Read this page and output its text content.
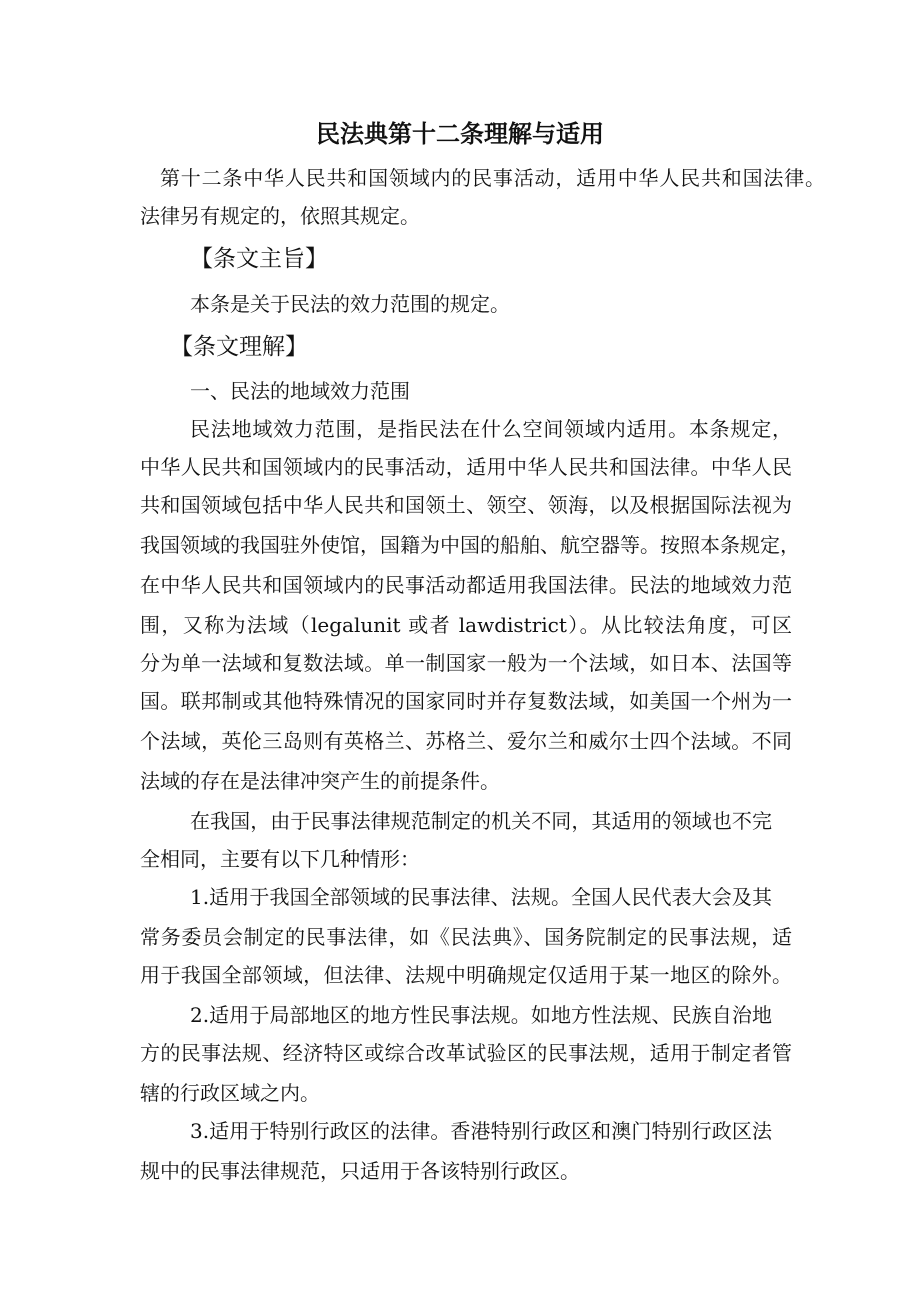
民法典第十二条理解与适用
第十二条中华人民共和国领域内的民事活动，适用中华人民共和国法律。
法律另有规定的，依照其规定。
【条文主旨】
本条是关于民法的效力范围的规定。
【条文理解】
一、民法的地域效力范围
民法地域效力范围，是指民法在什么空间领域内适用。本条规定，
中华人民共和国领域内的民事活动，适用中华人民共和国法律。中华人民
共和国领域包括中华人民共和国领土、领空、领海，以及根据国际法视为
我国领域的我国驻外使馆，国籍为中国的船舶、航空器等。按照本条规定，
在中华人民共和国领域内的民事活动都适用我国法律。民法的地域效力范
围，又称为法域（legalunit 或者 lawdistrict）。从比较法角度，可区
分为单一法域和复数法域。单一制国家一般为一个法域，如日本、法国等
国。联邦制或其他特殊情况的国家同时并存复数法域，如美国一个州为一
个法域，英伦三岛则有英格兰、苏格兰、爱尔兰和威尔士四个法域。不同
法域的存在是法律冲突产生的前提条件。
在我国，由于民事法律规范制定的机关不同，其适用的领域也不完
全相同，主要有以下几种情形：
1.适用于我国全部领域的民事法律、法规。全国人民代表大会及其
常务委员会制定的民事法律，如《民法典》、国务院制定的民事法规，适
用于我国全部领域，但法律、法规中明确规定仅适用于某一地区的除外。
2.适用于局部地区的地方性民事法规。如地方性法规、民族自治地
方的民事法规、经济特区或综合改革试验区的民事法规，适用于制定者管
辖的行政区域之内。
3.适用于特别行政区的法律。香港特别行政区和澳门特别行政区法
规中的民事法律规范，只适用于各该特别行政区。
